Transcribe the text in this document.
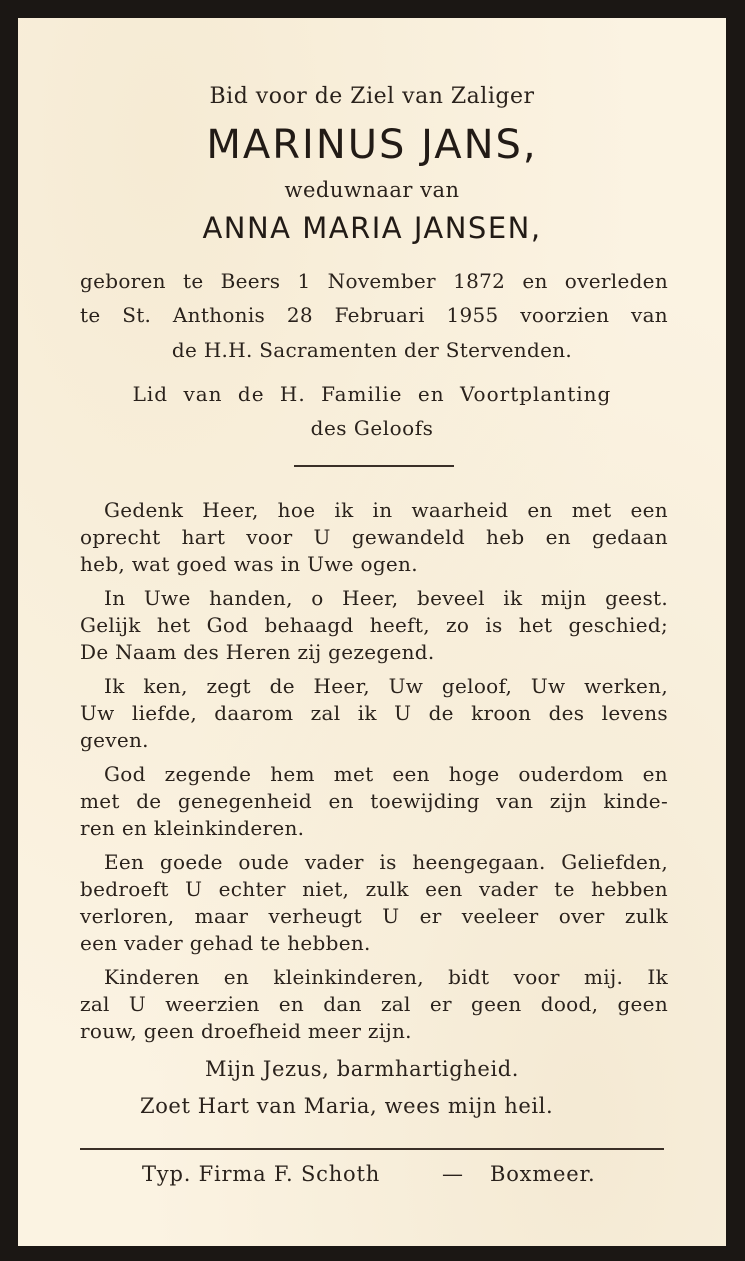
Bid voor de Ziel van Zaliger
MARINUS JANS,
weduwnaar van
ANNA MARIA JANSEN,
geboren te Beers 1 November 1872 en overleden
te St. Anthonis 28 Februari 1955 voorzien van
de H.H. Sacramenten der Stervenden.
Lid van de H. Familie en Voortplanting
des Geloofs
Gedenk Heer, hoe ik in waarheid en met een
oprecht hart voor U gewandeld heb en gedaan
heb, wat goed was in Uwe ogen.
In Uwe handen, o Heer, beveel ik mijn geest.
Gelijk het God behaagd heeft, zo is het geschied;
De Naam des Heren zij gezegend.
Ik ken, zegt de Heer, Uw geloof, Uw werken,
Uw liefde, daarom zal ik U de kroon des levens
geven.
God zegende hem met een hoge ouderdom en
met de genegenheid en toewijding van zijn kinde-
ren en kleinkinderen.
Een goede oude vader is heengegaan. Geliefden,
bedroeft U echter niet, zulk een vader te hebben
verloren, maar verheugt U er veeleer over zulk
een vader gehad te hebben.
Kinderen en kleinkinderen, bidt voor mij. Ik
zal U weerzien en dan zal er geen dood, geen
rouw, geen droefheid meer zijn.
Mijn Jezus, barmhartigheid.
Zoet Hart van Maria, wees mijn heil.
Typ. Firma F. Schoth	— Boxmeer.
